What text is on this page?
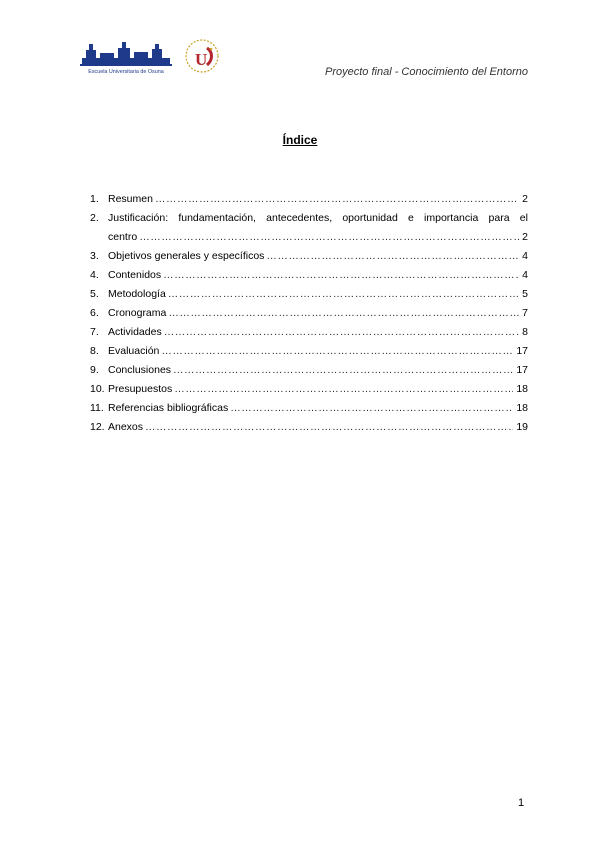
Escuela Universitaria de Osuna
U
Proyecto final - Conocimiento del Entorno
Índice
1. Resumen ……………………………………………………………………………………………………………………………………………………………	2
2. Justificación: fundamentación, antecedentes, oportunidad e importancia para el
centro ……………………………………………………………………………………………………………………………………………………………	2
3. Objetivos generales y específicos ……………………………………………………………………………………………………………………………………………………………	4
4. Contenidos ……………………………………………………………………………………………………………………………………………………………	4
5. Metodología ……………………………………………………………………………………………………………………………………………………………	5
6. Cronograma ……………………………………………………………………………………………………………………………………………………………	7
7. Actividades ……………………………………………………………………………………………………………………………………………………………	8
8. Evaluación ……………………………………………………………………………………………………………………………………………………………	17
9. Conclusiones ……………………………………………………………………………………………………………………………………………………………	17
10. Presupuestos ……………………………………………………………………………………………………………………………………………………………	18
11. Referencias bibliográficas ……………………………………………………………………………………………………………………………………………………………	18
12. Anexos ……………………………………………………………………………………………………………………………………………………………	19
1
